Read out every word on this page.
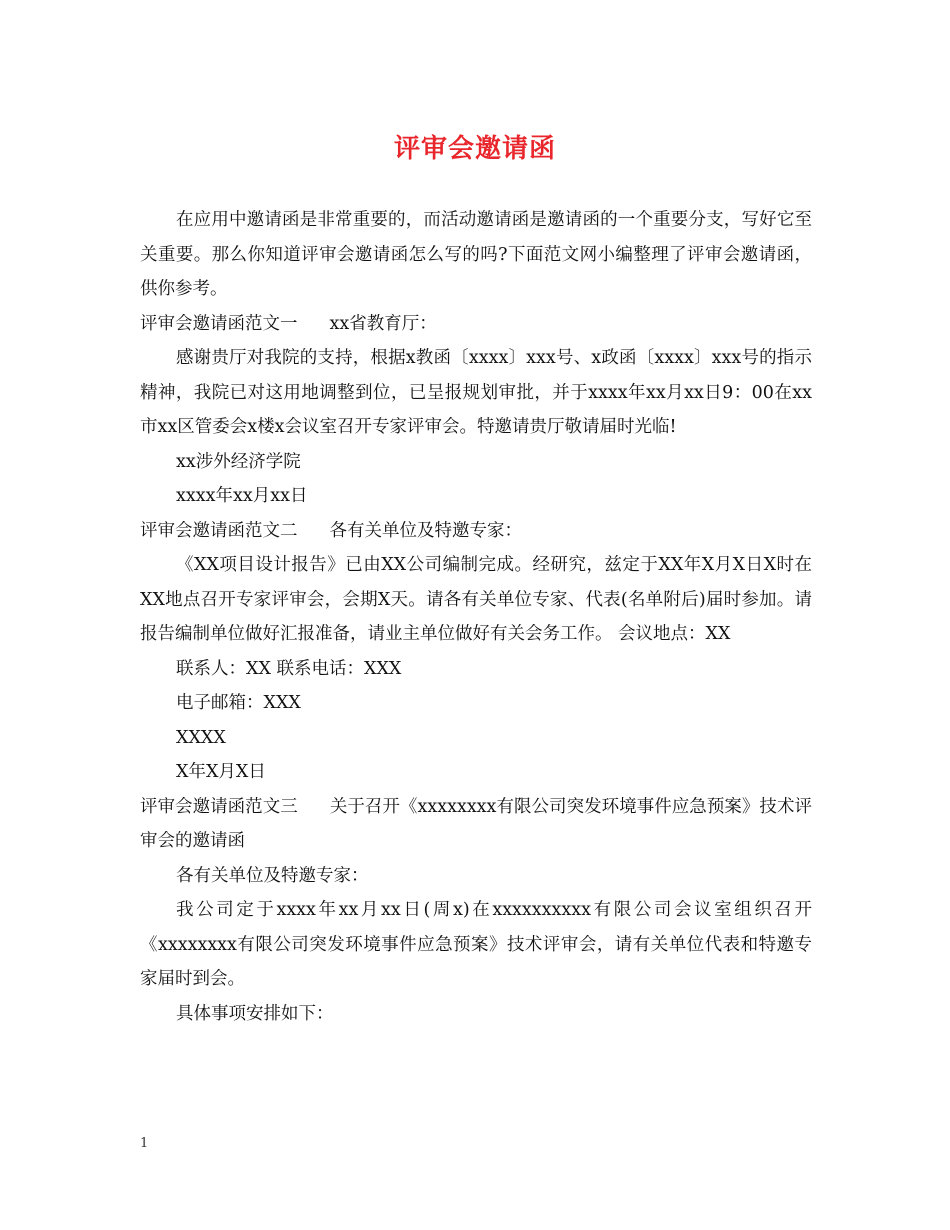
评审会邀请函

在应用中邀请函是非常重要的，而活动邀请函是邀请函的一个重要分支，写好它至关重要。那么你知道评审会邀请函怎么写的吗?下面范文网小编整理了评审会邀请函，供你参考。

评审会邀请函范文一 xx省教育厅：

感谢贵厅对我院的支持，根据x教函〔xxxx〕xxx号、x政函〔xxxx〕xxx号的指示精神，我院已对这用地调整到位，已呈报规划审批，并于xxxx年xx月xx日9：00在xx市xx区管委会x楼x会议室召开专家评审会。特邀请贵厅敬请届时光临!

xx涉外经济学院

xxxx年xx月xx日

评审会邀请函范文二 各有关单位及特邀专家：

《XX项目设计报告》已由XX公司编制完成。经研究，兹定于XX年X月X日X时在XX地点召开专家评审会，会期X天。请各有关单位专家、代表(名单附后)届时参加。请报告编制单位做好汇报准备，请业主单位做好有关会务工作。 会议地点：XX

联系人：XX 联系电话：XXX

电子邮箱：XXX

XXXX

X年X月X日

评审会邀请函范文三 关于召开《xxxxxxxx有限公司突发环境事件应急预案》技术评审会的邀请函

各有关单位及特邀专家：

我公司定于xxxx年xx月xx日(周x)在xxxxxxxxxx有限公司会议室组织召开《xxxxxxxx有限公司突发环境事件应急预案》技术评审会，请有关单位代表和特邀专家届时到会。

具体事项安排如下：

1
